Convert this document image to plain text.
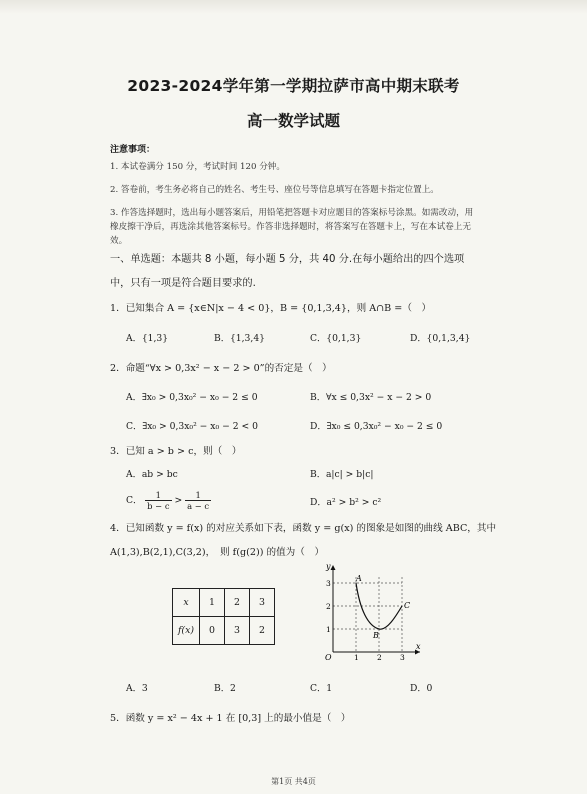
2023-2024学年第一学期拉萨市高中期末联考
高一数学试题
注意事项：
1. 本试卷满分 150 分，考试时间 120 分钟。
2. 答卷前，考生务必将自己的姓名、考生号、座位号等信息填写在答题卡指定位置上。
3. 作答选择题时，选出每小题答案后，用铅笔把答题卡对应题目的答案标号涂黑。如需改动，用橡皮擦干净后，再选涂其他答案标号。作答非选择题时，将答案写在答题卡上，写在本试卷上无效。
一、单选题：本题共 8 小题，每小题 5 分，共 40 分.在每小题给出的四个选项中，只有一项是符合题目要求的.
1．已知集合 A = {x∈N|x − 4 < 0}，B = {0,1,3,4}，则 A∩B =（　）
A．{1,3}	B．{1,3,4}	C．{0,1,3}	D．{0,1,3,4}
2．命题“∀x > 0,3x² − x − 2 > 0”的否定是（　）
A．∃x₀ > 0,3x₀² − x₀ − 2 ≤ 0	B．∀x ≤ 0,3x² − x − 2 > 0
C．∃x₀ > 0,3x₀² − x₀ − 2 < 0	D．∃x₀ ≤ 0,3x₀² − x₀ − 2 ≤ 0
3．已知 a > b > c，则（　）
A．ab > bc	B．a|c| > b|c|
C． $\frac{1}{b - c} > \frac{1}{a - c}$	D．a² > b² > c²
4．已知函数 y = f(x) 的对应关系如下表，函数 y = g(x) 的图象是如图的曲线 ABC，其中
A(1,3),B(2,1),C(3,2)，　则 f(g(2)) 的值为（　）
x	1	2	3
f(x)	0	3	2
y
x
O	1 2 3
1
2
3
A
B
C
A．3	B．2	C．1	D．0
5．函数 y = x² − 4x + 1 在 [0,3] 上的最小值是（　）
第1页 共4页
